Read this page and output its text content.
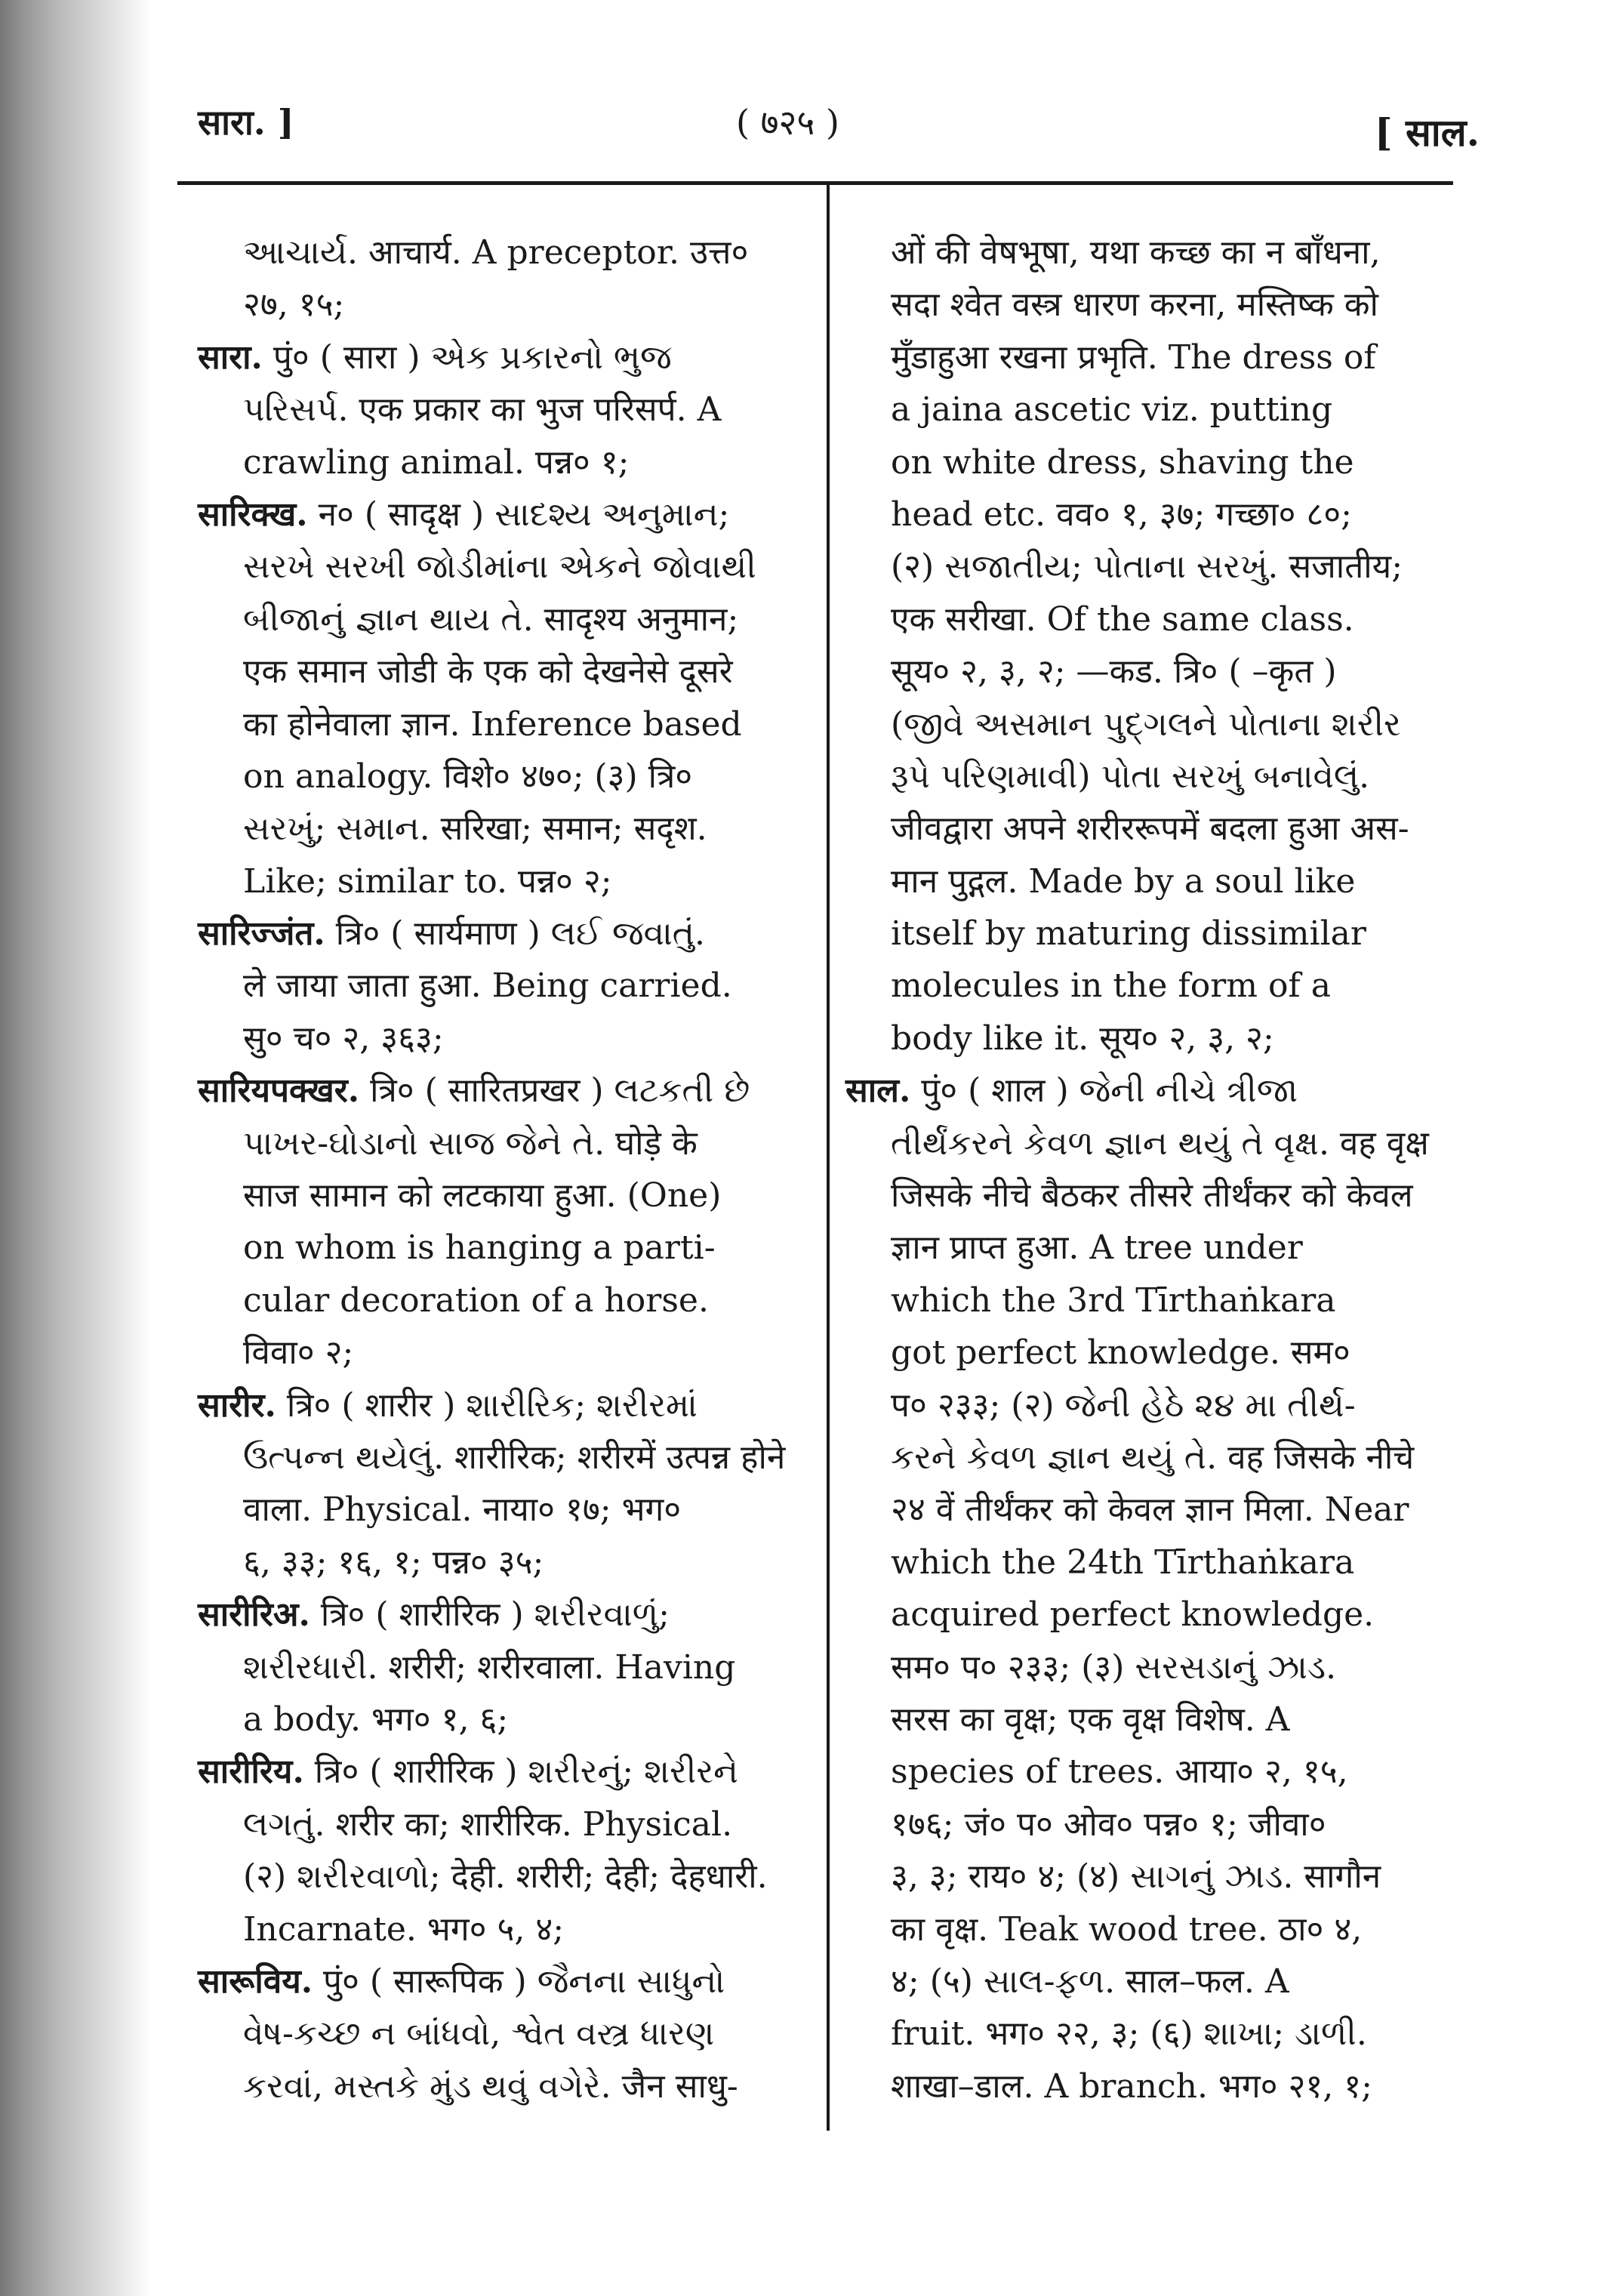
सारा. ]	( ७२५ )	[ साल.
આચાર્ય. आचार्य. A preceptor. उत्त०
२७, १५;
सारा. पुं० ( सारा ) એક પ્રકારનો ભુજ
પરિસર્પ. एक प्रकार का भुज परिसर्प. A
crawling animal. पन्न० १;
सारिक्ख. न० ( सादृक्ष ) સાદશ્ય અનુમાન;
સરખે સરખી જોડીમાંના એકને જોવાથી
બીજાનું જ્ઞાન થાય તે. सादृश्य अनुमान;
एक समान जोडी के एक को देखनेसे दूसरे
का होनेवाला ज्ञान. Inference based
on analogy. विशे० ४७०; (३) त्रि०
સરખું; સમાન. सरिखा; समान; सदृश.
Like; similar to. पन्न० २;
सारिज्जंत. त्रि० ( सार्यमाण ) લઈ જવાતું.
ले जाया जाता हुआ. Being carried.
सु० च० २, ३६३;
सारियपक्खर. त्रि० ( सारितप्रखर ) લટકતી છે
પાખર-ઘોડાનો સાજ જેને તે. घोड़े के
साज सामान को लटकाया हुआ. (One)
on whom is hanging a parti-
cular decoration of a horse.
विवा० २;
सारीर. त्रि० ( शारीर ) શારીરિક; શરીરમાં
ઉત્પન્ન થયેલું. शारीरिक; शरीरमें उत्पन्न होने
वाला. Physical. नाया० १७; भग०
६, ३३; १६, १; पन्न० ३५;
सारीरिअ. त्रि० ( शारीरिक ) શરીરવાળું;
શરીરધારી. शरीरी; शरीरवाला. Having
a body. भग० १, ६;
सारीरिय. त्रि० ( शारीरिक ) શરીરનું; શરીરને
લગતું. शरीर का; शारीरिक. Physical.
(२) શરીરવાળો; देही. शरीरी; देही; देहधारी.
Incarnate. भग० ५, ४;
सारूविय. पुं० ( सारूपिक ) જૈનના સાધુનો
વેષ-કચ્છ ન બાંધવો, શ્વેત વસ્ત્ર ધારણ
કરવાં, મસ્તકે મુંડ થવું વગેરે. जैन साधु-
ओं की वेषभूषा, यथा कच्छ का न बाँधना,
सदा श्वेत वस्त्र धारण करना, मस्तिष्क को
मुँडाहुआ रखना प्रभृति. The dress of
a jaina ascetic viz. putting
on white dress, shaving the
head etc. वव० १, ३७; गच्छा० ८०;
(२) સજાતીય; પોતાના સરખું. सजातीय;
एक सरीखा. Of the same class.
सूय० २, ३, २; —कड. त्रि० ( –कृत )
(જીવે અસમાન પુદ્ગલને પોતાના શરીર
રૂપે પરિણમાવી) પોતા સરખું બનાવેલું.
जीवद्वारा अपने शरीररूपमें बदला हुआ अस-
मान पुद्गल. Made by a soul like
itself by maturing dissimilar
molecules in the form of a
body like it. सूय० २, ३, २;
साल. पुं० ( शाल ) જેની નીચે ત્રીજા
તીર્થંકરને કેવળ જ્ઞાન થયું તે વૃક્ષ. वह वृक्ष
जिसके नीचे बैठकर तीसरे तीर्थंकर को केवल
ज्ञान प्राप्त हुआ. A tree under
which the 3rd Tīrthaṅkara
got perfect knowledge. सम०
प० २३३; (२) જેની હેઠે ૨૪ મા તીર્થ-
કરને કેવળ જ્ઞાન થયું તે. वह जिसके नीचे
२४ वें तीर्थंकर को केवल ज्ञान मिला. Near
which the 24th Tīrthaṅkara
acquired perfect knowledge.
सम० प० २३३; (३) સરસડાનું ઝાડ.
सरस का वृक्ष; एक वृक्ष विशेष. A
species of trees. आया० २, १५,
१७६; जं० प० ओव० पन्न० १; जीवा०
३, ३; राय० ४; (४) સાગનું ઝાડ. सागौन
का वृक्ष. Teak wood tree. ठा० ४,
४; (५) સાલ-ફળ. साल–फल. A
fruit. भग० २२, ३; (६) શાખા; ડાળી.
शाखा–डाल. A branch. भग० २१, १;
